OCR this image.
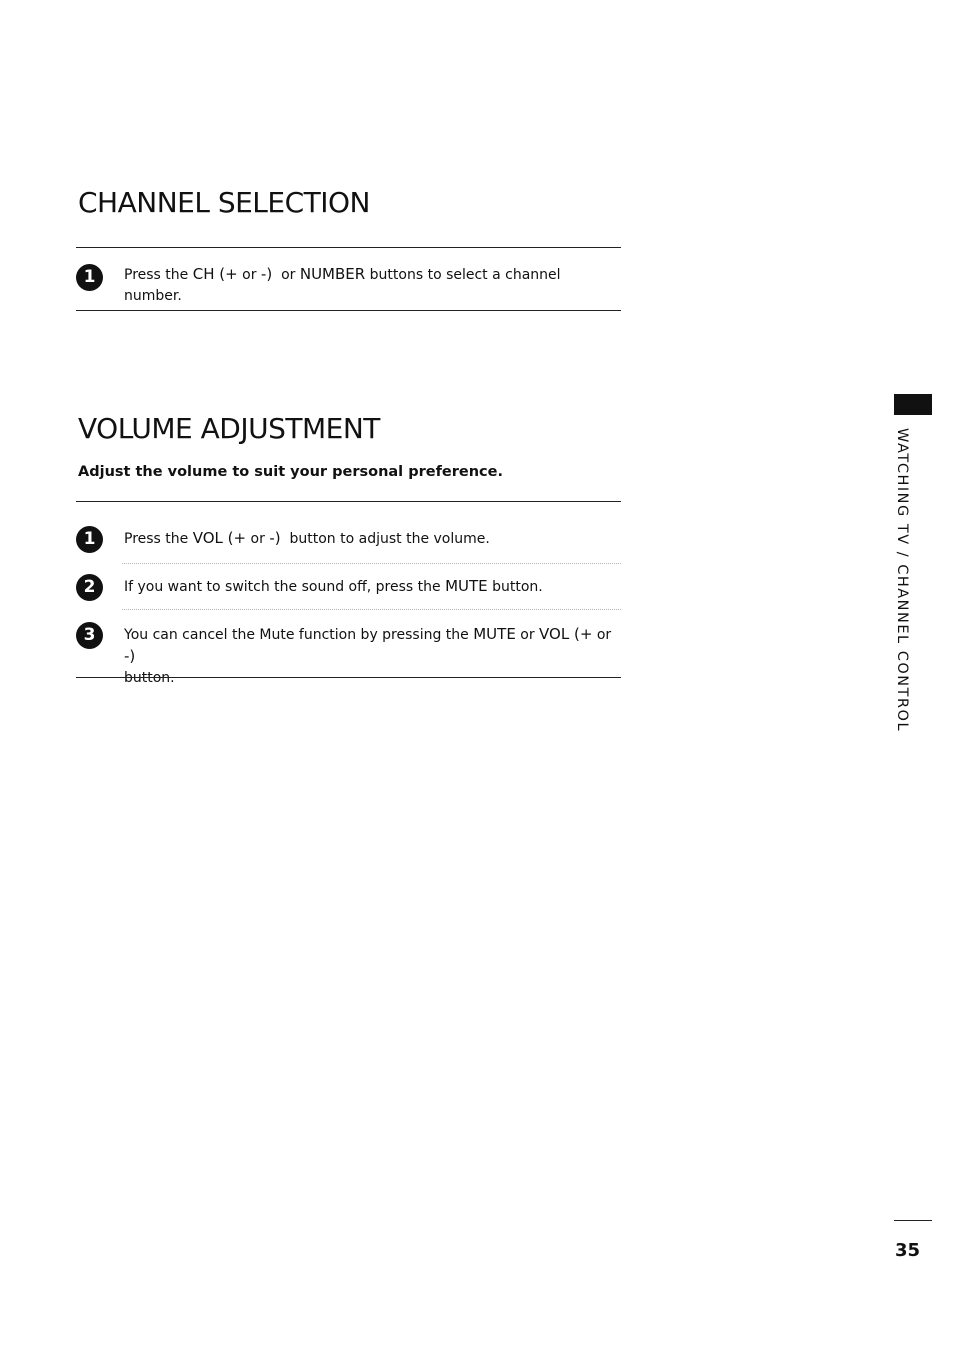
CHANNEL SELECTION
1	Press the CH (+ or -)  or NUMBER buttons to select a channel number.

VOLUME ADJUSTMENT

Adjust the volume to suit your personal preference.

1	Press the VOL (+ or -)  button to adjust the volume.

2	If you want to switch the sound off, press the MUTE button.

3	You can cancel the Mute function by pressing the MUTE or VOL (+ or -)
button.	WATCHING TV / CHANNEL CONTROL
35
